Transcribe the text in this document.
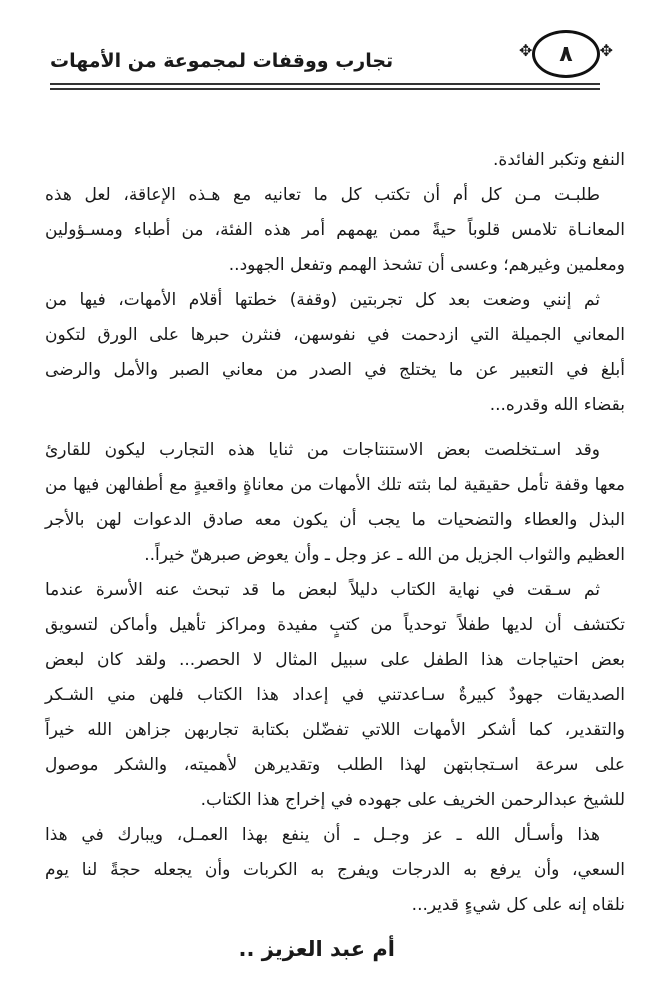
✥ ٨ ✥
تجارب ووقفات لمجموعة من الأمهات
النفع وتكبر الفائدة.
طلبـت مـن كل أم أن تكتب كل ما تعانيه مع هـذه الإعاقة، لعل هذه
المعانـاة تلامس قلوباً حيةً ممن يهمهم أمر هذه الفئة، من أطباء ومسـؤولين
ومعلمين وغيرهم؛ وعسى أن تشحذ الهمم وتفعل الجهود..
ثم إنني وضعت بعد كل تجربتين (وقفة) خطتها أقلام الأمهات، فيها من
المعاني الجميلة التي ازدحمت في نفوسهن، فنثرن حبرها على الورق لتكون
أبلغ في التعبير عن ما يختلج في الصدر من معاني الصبر والأمل والرضى
بقضاء الله وقدره...
وقد اسـتخلصت بعض الاستنتاجات من ثنايا هذه التجارب ليكون للقارئ
معها وقفة تأمل حقيقية لما بثته تلك الأمهات من معاناةٍ واقعيةٍ مع أطفالهن فيها من
البذل والعطاء والتضحيات ما يجب أن يكون معه صادق الدعوات لهن بالأجر
العظيم والثواب الجزيل من الله ـ عز وجل ـ وأن يعوض صبرهنّ خيراً..
ثم سـقت في نهاية الكتاب دليلاً لبعض ما قد تبحث عنه الأسرة عندما
تكتشف أن لديها طفلاً توحدياً من كتبٍ مفيدة ومراكز تأهيل وأماكن لتسويق
بعض احتياجات هذا الطفل على سبيل المثال لا الحصر... ولقد كان لبعض
الصديقات جهودٌ كبيرةٌ سـاعدتني في إعداد هذا الكتاب فلهن مني الشـكر
والتقدير، كما أشكر الأمهات اللاتي تفضّلن بكتابة تجاربهن جزاهن الله خيراً
على سرعة اسـتجابتهن لهذا الطلب وتقديرهن لأهميته، والشكر موصول
للشيخ عبدالرحمن الخريف على جهوده في إخراج هذا الكتاب.
هذا وأسـأل الله ـ عز وجـل ـ أن ينفع بهذا العمـل، ويبارك في هذا
السعي، وأن يرفع به الدرجات ويفرج به الكربات وأن يجعله حجةً لنا يوم
نلقاه إنه على كل شيءٍ قدير...
أم عبد العزيز ..
